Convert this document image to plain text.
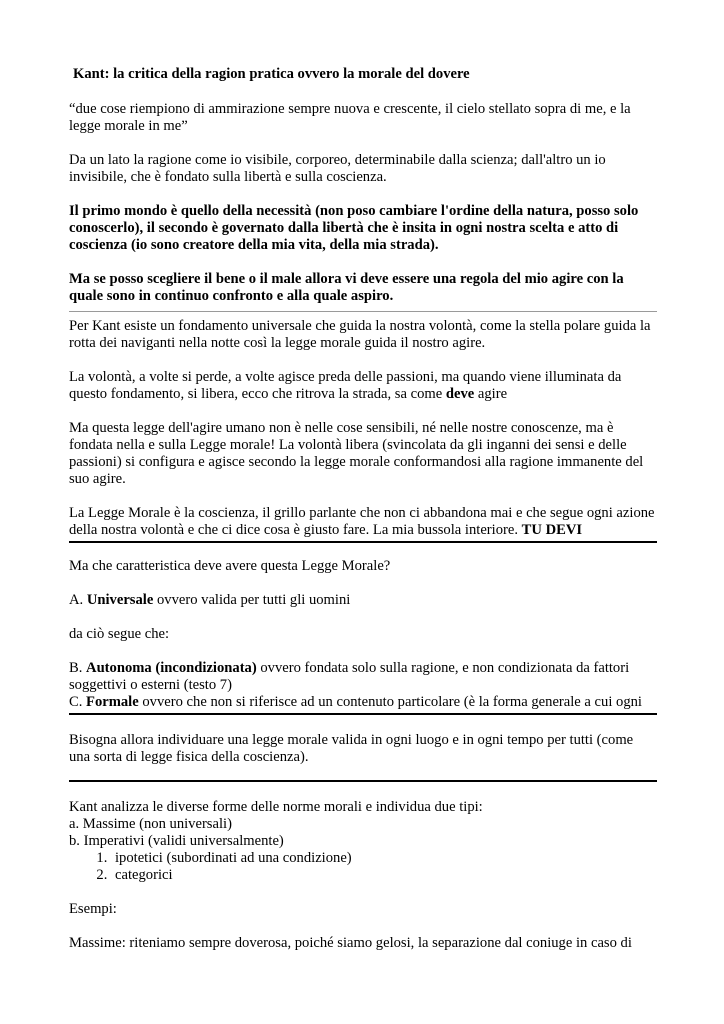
Kant: la critica della ragion pratica ovvero la morale del dovere

“due cose riempiono di ammirazione sempre nuova e crescente, il cielo stellato sopra di me, e la legge morale in me”

Da un lato la ragione come io visibile, corporeo, determinabile dalla scienza; dall'altro un io invisibile, che è fondato sulla libertà e sulla coscienza.

Il primo mondo è quello della necessità (non poso cambiare l'ordine della natura, posso solo conoscerlo), il secondo è governato dalla libertà che è insita in ogni nostra scelta e atto di coscienza (io sono creatore della mia vita, della mia strada).

Ma se posso scegliere il bene o il male allora vi deve essere una regola del mio agire con la quale sono in continuo confronto e alla quale aspiro.

Per Kant esiste un fondamento universale che guida la nostra volontà, come la stella polare guida la rotta dei naviganti nella notte così la legge morale guida il nostro agire.

La volontà, a volte si perde, a volte agisce preda delle passioni, ma quando viene illuminata da questo fondamento, si libera, ecco che ritrova la strada, sa come deve agire

Ma questa legge dell'agire umano non è nelle cose sensibili, né nelle nostre conoscenze, ma è fondata nella e sulla Legge morale! La volontà libera (svincolata da gli inganni dei sensi e delle passioni) si configura e agisce secondo la legge morale conformandosi alla ragione immanente del suo agire.

La Legge Morale è la coscienza, il grillo parlante che non ci abbandona mai e che segue ogni azione della nostra volontà e che ci dice cosa è giusto fare. La mia bussola interiore. TU DEVI

Ma che caratteristica deve avere questa Legge Morale?

A. Universale ovvero valida per tutti gli uomini

da ciò segue che:

B. Autonoma (incondizionata) ovvero fondata solo sulla ragione, e non condizionata da fattori soggettivi o esterni (testo 7)

C. Formale ovvero che non si riferisce ad un contenuto particolare (è la forma generale a cui ogni

Bisogna allora individuare una legge morale valida in ogni luogo e in ogni tempo per tutti (come una sorta di legge fisica della coscienza).

Kant analizza le diverse forme delle norme morali e individua due tipi:

a. Massime (non universali)

b. Imperativi (validi universalmente)

1. ipotetici (subordinati ad una condizione)
2. categorici

Esempi:

Massime: riteniamo sempre doverosa, poiché siamo gelosi, la separazione dal coniuge in caso di
